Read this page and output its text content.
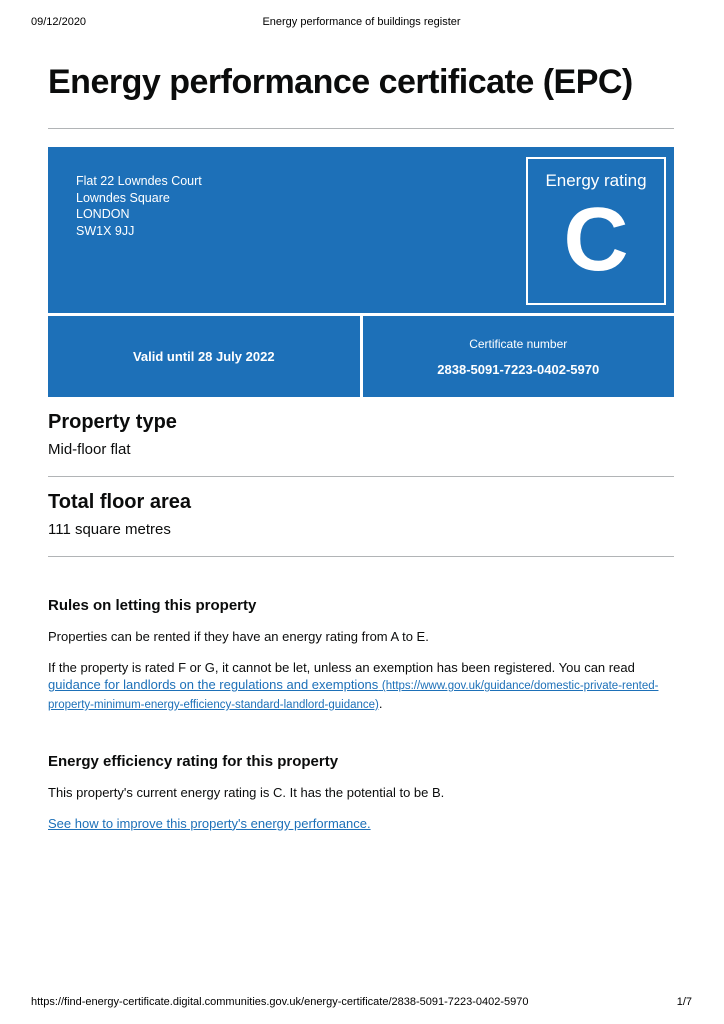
09/12/2020	Energy performance of buildings register
Energy performance certificate (EPC)
Flat 22 Lowndes Court
Lowndes Square
LONDON
SW1X 9JJ
Energy rating
C
Valid until 28 July 2022
Certificate number
2838-5091-7223-0402-5970
Property type
Mid-floor flat
Total floor area
111 square metres
Rules on letting this property

Properties can be rented if they have an energy rating from A to E.

If the property is rated F or G, it cannot be let, unless an exemption has been registered. You can read guidance for landlords on the regulations and exemptions (https://www.gov.uk/guidance/domestic-private-rented-property-minimum-energy-efficiency-standard-landlord-guidance).

Energy efficiency rating for this property

This property's current energy rating is C. It has the potential to be B.

See how to improve this property's energy performance.

https://find-energy-certificate.digital.communities.gov.uk/energy-certificate/2838-5091-7223-0402-5970	1/7
